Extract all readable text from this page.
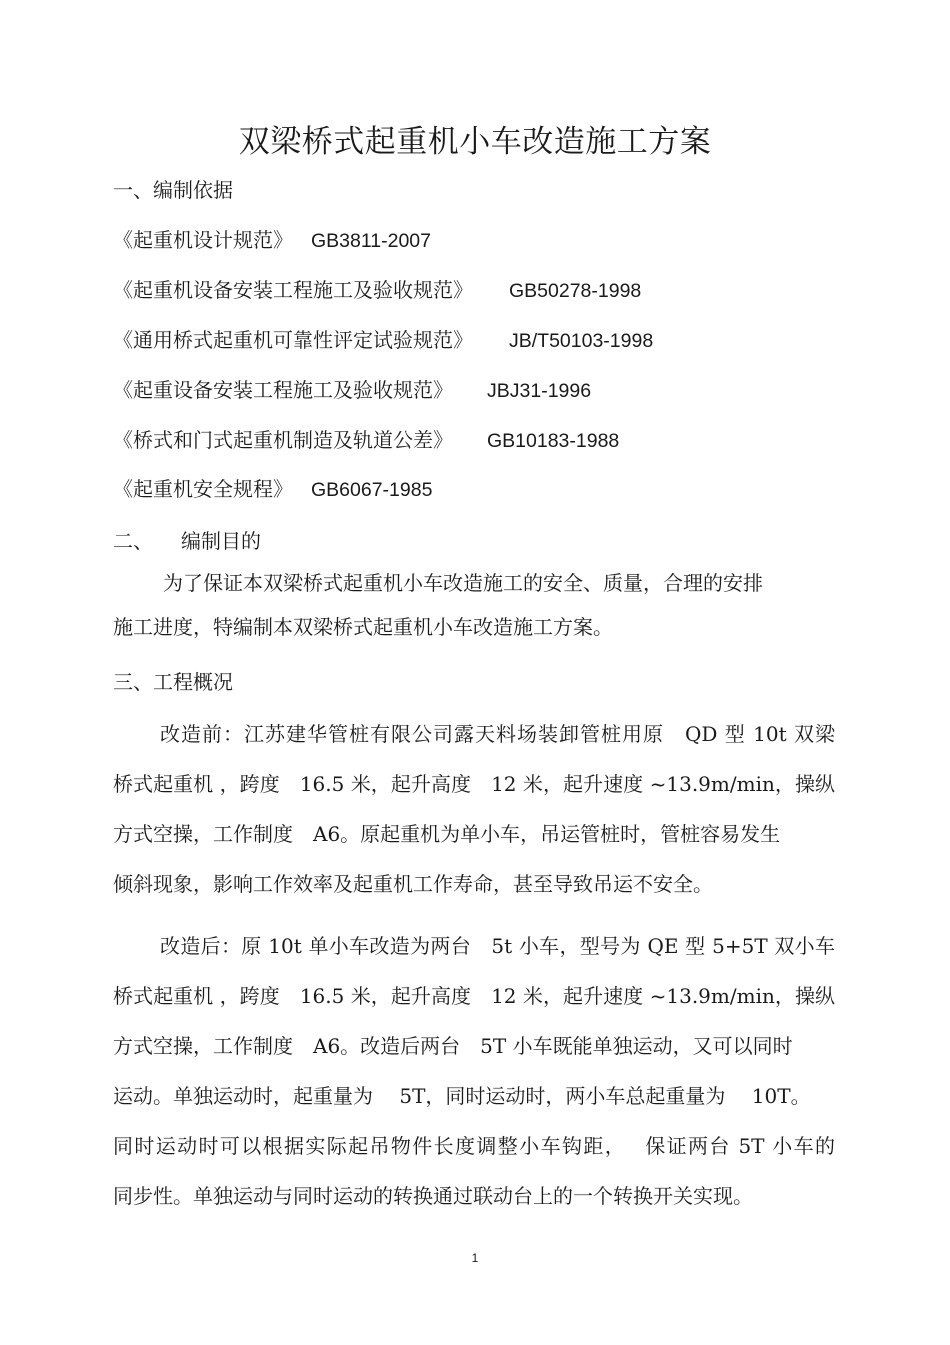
双梁桥式起重机小车改造施工方案
一、编制依据
《起重机设计规范》 GB3811-2007
《起重机设备安装工程施工及验收规范》 GB50278-1998
《通用桥式起重机可靠性评定试验规范》 JB/T50103-1998
《起重设备安装工程施工及验收规范》 JBJ31-1996
《桥式和门式起重机制造及轨道公差》 GB10183-1988
《起重机安全规程》 GB6067-1985
二、 编制目的
为了保证本双梁桥式起重机小车改造施工的安全、质量，合理的安排
施工进度，特编制本双梁桥式起重机小车改造施工方案。
三、工程概况
改造前：江苏建华管桩有限公司露天料场装卸管桩用原　QD 型 10t 双梁
桥式起重机 ，跨度　16.5 米，起升高度　12 米，起升速度 ~13.9m/min，操纵
方式空操，工作制度　A6。原起重机为单小车，吊运管桩时，管桩容易发生
倾斜现象，影响工作效率及起重机工作寿命，甚至导致吊运不安全。
改造后：原 10t 单小车改造为两台　5t 小车，型号为 QE 型 5+5T 双小车
桥式起重机 ，跨度　16.5 米，起升高度　12 米，起升速度 ~13.9m/min，操纵
方式空操，工作制度　A6。改造后两台　5T 小车既能单独运动，又可以同时
运动。单独运动时，起重量为　 5T，同时运动时，两小车总起重量为　 10T。
同时运动时可以根据实际起吊物件长度调整小车钩距，　 保证两台 5T 小车的
同步性。单独运动与同时运动的转换通过联动台上的一个转换开关实现。
1
